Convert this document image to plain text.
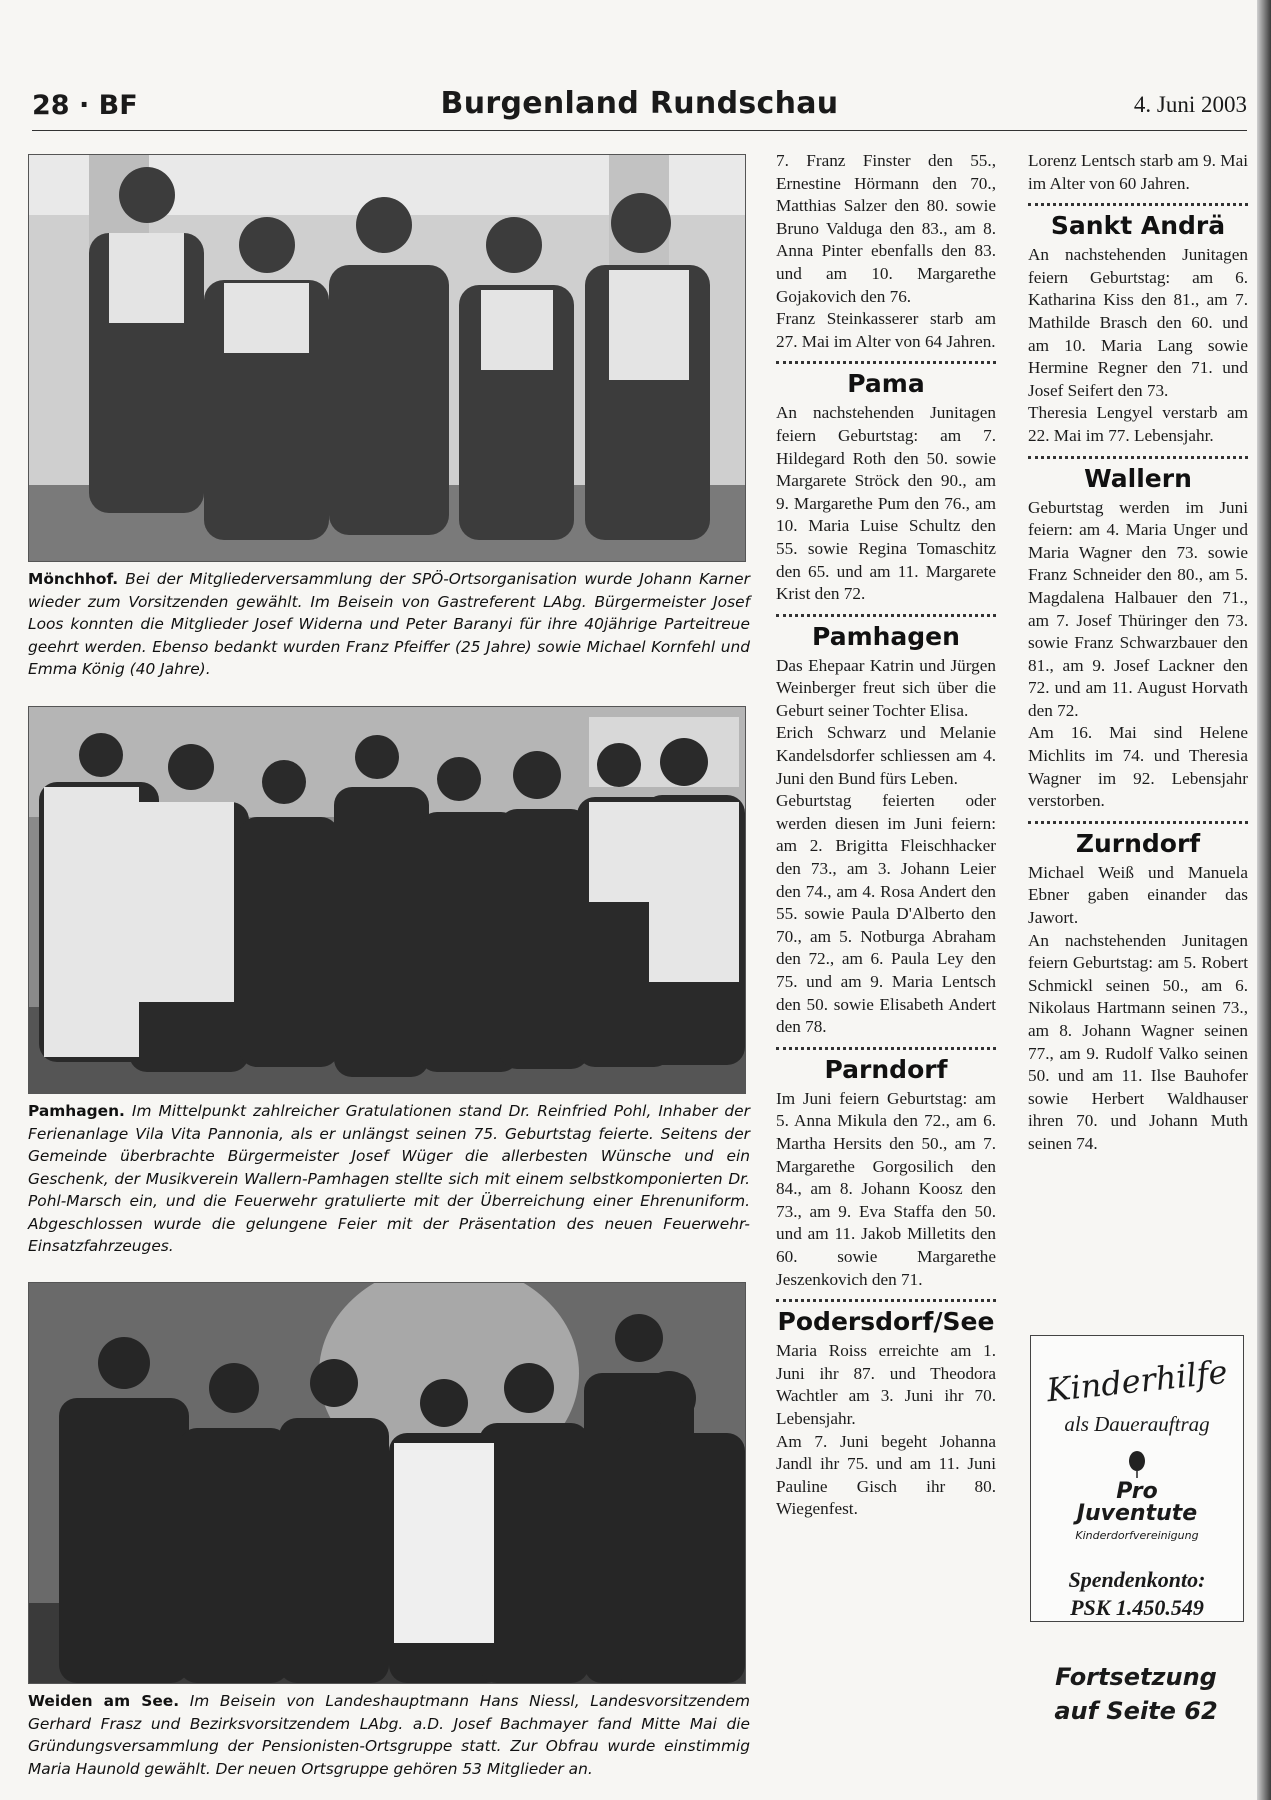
28 · BF	Burgenland Rundschau	4. Juni 2003
Mönchhof. Bei der Mitgliederversammlung der SPÖ-Ortsorganisation wurde Johann Karner wieder zum Vorsitzenden gewählt. Im Beisein von Gastreferent LAbg. Bürgermeister Josef Loos konnten die Mitglieder Josef Widerna und Peter Baranyi für ihre 40jährige Parteitreue geehrt werden. Ebenso bedankt wurden Franz Pfeiffer (25 Jahre) sowie Michael Kornfehl und Emma König (40 Jahre).
Pamhagen. Im Mittelpunkt zahlreicher Gratulationen stand Dr. Reinfried Pohl, Inhaber der Ferienanlage Vila Vita Pannonia, als er unlängst seinen 75. Geburtstag feierte. Seitens der Gemeinde überbrachte Bürgermeister Josef Wüger die allerbesten Wünsche und ein Geschenk, der Musikverein Wallern-Pamhagen stellte sich mit einem selbstkomponierten Dr. Pohl-Marsch ein, und die Feuerwehr gratulierte mit der Überreichung einer Ehrenuniform. Abgeschlossen wurde die gelungene Feier mit der Präsentation des neuen Feuerwehr-Einsatzfahrzeuges.
Weiden am See. Im Beisein von Landeshauptmann Hans Niessl, Landesvorsitzendem Gerhard Frasz und Bezirksvorsitzendem LAbg. a.D. Josef Bachmayer fand Mitte Mai die Gründungsversammlung der Pensionisten-Ortsgruppe statt. Zur Obfrau wurde einstimmig Maria Haunold gewählt. Der neuen Ortsgruppe gehören 53 Mitglieder an.

7. Franz Finster den 55., Ernestine Hörmann den 70., Matthias Salzer den 80. sowie Bruno Valduga den 83., am 8. Anna Pinter ebenfalls den 83. und am 10. Margarethe Gojakovich den 76.

Franz Steinkasserer starb am 27. Mai im Alter von 64 Jahren.

Pama

An nachstehenden Junitagen feiern Geburtstag: am 7. Hildegard Roth den 50. sowie Margarete Ströck den 90., am 9. Margarethe Pum den 76., am 10. Maria Luise Schultz den 55. sowie Regina Tomaschitz den 65. und am 11. Margarete Krist den 72.

Pamhagen

Das Ehepaar Katrin und Jürgen Weinberger freut sich über die Geburt seiner Tochter Elisa.

Erich Schwarz und Melanie Kandelsdorfer schliessen am 4. Juni den Bund fürs Leben.

Geburtstag feierten oder werden diesen im Juni feiern: am 2. Brigitta Fleischhacker den 73., am 3. Johann Leier den 74., am 4. Rosa Andert den 55. sowie Paula D'Alberto den 70., am 5. Notburga Abraham den 72., am 6. Paula Ley den 75. und am 9. Maria Lentsch den 50. sowie Elisabeth Andert den 78.

Parndorf

Im Juni feiern Geburtstag: am 5. Anna Mikula den 72., am 6. Martha Hersits den 50., am 7. Margarethe Gorgosilich den 84., am 8. Johann Koosz den 73., am 9. Eva Staffa den 50. und am 11. Jakob Milletits den 60. sowie Margarethe Jeszenkovich den 71.

Podersdorf/See

Maria Roiss erreichte am 1. Juni ihr 87. und Theodora Wachtler am 3. Juni ihr 70. Lebensjahr.

Am 7. Juni begeht Johanna Jandl ihr 75. und am 11. Juni Pauline Gisch ihr 80. Wiegenfest.

Lorenz Lentsch starb am 9. Mai im Alter von 60 Jahren.

Sankt Andrä

An nachstehenden Junitagen feiern Geburtstag: am 6. Katharina Kiss den 81., am 7. Mathilde Brasch den 60. und am 10. Maria Lang sowie Hermine Regner den 71. und Josef Seifert den 73.

Theresia Lengyel verstarb am 22. Mai im 77. Lebensjahr.

Wallern

Geburtstag werden im Juni feiern: am 4. Maria Unger und Maria Wagner den 73. sowie Franz Schneider den 80., am 5. Magdalena Halbauer den 71., am 7. Josef Thüringer den 73. sowie Franz Schwarzbauer den 81., am 9. Josef Lackner den 72. und am 11. August Horvath den 72.

Am 16. Mai sind Helene Michlits im 74. und Theresia Wagner im 92. Lebensjahr verstorben.

Zurndorf

Michael Weiß und Manuela Ebner gaben einander das Jawort.

An nachstehenden Junitagen feiern Geburtstag: am 5. Robert Schmickl seinen 50., am 6. Nikolaus Hartmann seinen 73., am 8. Johann Wagner seinen 77., am 9. Rudolf Valko seinen 50. und am 11. Ilse Bauhofer sowie Herbert Waldhauser ihren 70. und Johann Muth seinen 74.

Kinderhilfe
als Dauerauftrag
Pro
Juventute
Kinderdorfvereinigung
Spendenkonto:
PSK 1.450.549
Fortsetzung
auf Seite 62
